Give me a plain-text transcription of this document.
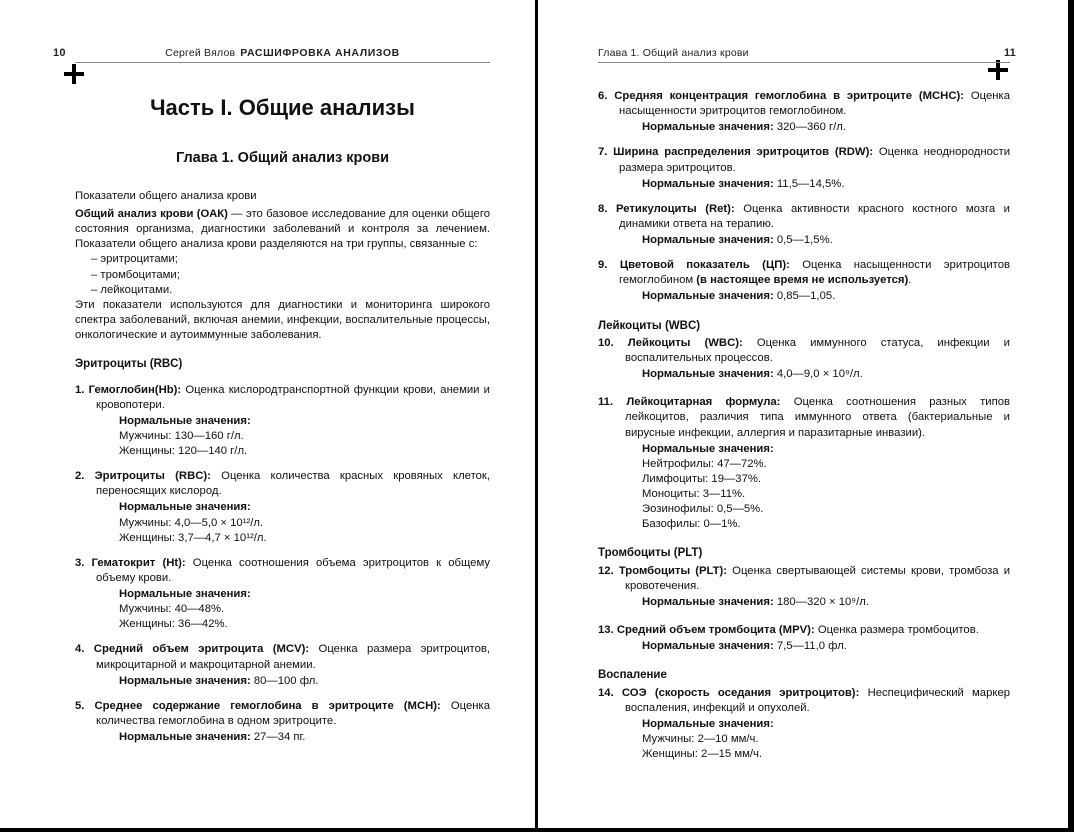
10	Сергей Вялов РАСШИФРОВКА АНАЛИЗОВ
Часть I. Общие анализы
Глава 1. Общий анализ крови

Показатели общего анализа крови

Общий анализ крови (ОАК) — это базовое исследование для оценки общего состояния организма, диагностики заболеваний и контроля за лечением. Показатели общего анализа крови разделяются на три группы, связанные с:

– эритроцитами;
– тромбоцитами;
– лейкоцитами.

Эти показатели используются для диагностики и мониторинга широкого спектра заболеваний, включая анемии, инфекции, воспалительные процессы, онкологические и аутоиммунные заболевания.

Эритроциты (RBC)
1. Гемоглобин(Hb): Оценка кислородтранспортной функции крови, анемии и кровопотери.
Нормальные значения:
Мужчины: 130—160 г/л.
Женщины: 120—140 г/л.
2. Эритроциты (RBC): Оценка количества красных кровяных клеток, переносящих кислород.
Нормальные значения:
Мужчины: 4,0—5,0 × 10¹²/л.
Женщины: 3,7—4,7 × 10¹²/л.
3. Гематокрит (Ht): Оценка соотношения объема эритроцитов к общему объему крови.
Нормальные значения:
Мужчины: 40—48%.
Женщины: 36—42%.
4. Средний объем эритроцита (MCV): Оценка размера эритроцитов, микроцитарной и макроцитарной анемии.
Нормальные значения: 80—100 фл.
5. Среднее содержание гемоглобина в эритроците (MCH): Оценка количества гемоглобина в одном эритроците.
Нормальные значения: 27—34 пг.
Глава 1. Общий анализ крови	11
6. Средняя концентрация гемоглобина в эритроците (MCHC): Оценка насыщенности эритроцитов гемоглобином.
Нормальные значения: 320—360 г/л.
7. Ширина распределения эритроцитов (RDW): Оценка неоднородности размера эритроцитов.
Нормальные значения: 11,5—14,5%.
8. Ретикулоциты (Ret): Оценка активности красного костного мозга и динамики ответа на терапию.
Нормальные значения: 0,5—1,5%.
9. Цветовой показатель (ЦП): Оценка насыщенности эритроцитов гемоглобином (в настоящее время не используется).
Нормальные значения: 0,85—1,05.
Лейкоциты (WBC)
10. Лейкоциты (WBC): Оценка иммунного статуса, инфекции и воспалительных процессов.
Нормальные значения: 4,0—9,0 × 10⁹/л.
11. Лейкоцитарная формула: Оценка соотношения разных типов лейкоцитов, различия типа иммунного ответа (бактериальные и вирусные инфекции, аллергия и паразитарные инвазии).
Нормальные значения:
Нейтрофилы: 47—72%.
Лимфоциты: 19—37%.
Моноциты: 3—11%.
Эозинофилы: 0,5—5%.
Базофилы: 0—1%.
Тромбоциты (PLT)
12. Тромбоциты (PLT): Оценка свертывающей системы крови, тромбоза и кровотечения.
Нормальные значения: 180—320 × 10⁹/л.
13. Средний объем тромбоцита (MPV): Оценка размера тромбоцитов.
Нормальные значения: 7,5—11,0 фл.
Воспаление
14. СОЭ (скорость оседания эритроцитов): Неспецифический маркер воспаления, инфекций и опухолей.
Нормальные значения:
Мужчины: 2—10 мм/ч.
Женщины: 2—15 мм/ч.
